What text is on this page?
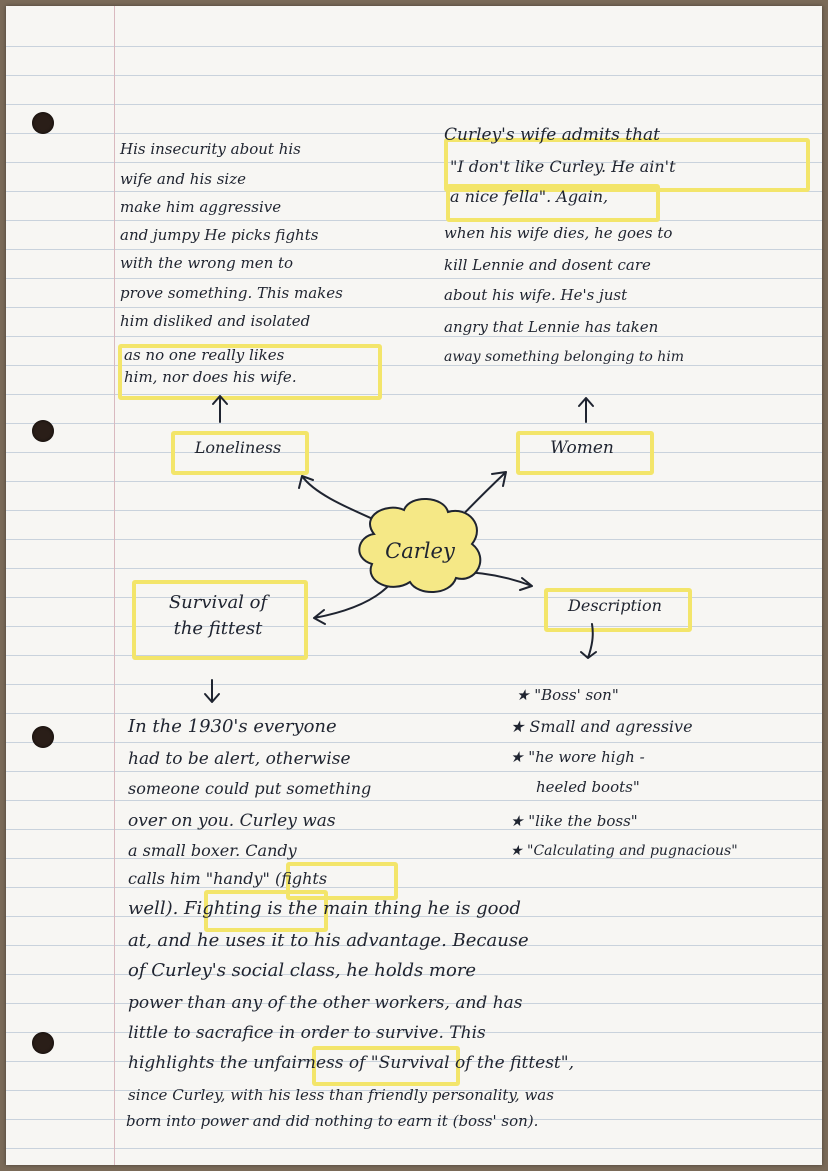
His insecurity about his
wife and his size
make him aggressive
and jumpy He picks fights
with the wrong men to
prove something. This makes
him disliked and isolated
as no one really likes
him, nor does his wife.
Curley's wife admits that
"I don't like Curley. He ain't
a nice fella". Again,
when his wife dies, he goes to
kill Lennie and dosent care
about his wife. He's just
angry that Lennie has taken
away something belonging to him
Loneliness	Women
Survival of
the fittest
Description
★ "Boss' son"
★ Small and agressive
★ "he wore high -
heeled boots"
★ "like the boss"
★ "Calculating and pugnacious"
In the 1930's everyone
had to be alert, otherwise
someone could put something
over on you. Curley was
a small boxer. Candy
calls him "handy" (fights
well). Fighting is the main thing he is good
at, and he uses it to his advantage. Because
of Curley's social class, he holds more
power than any of the other workers, and has
little to sacrafice in order to survive. This
highlights the unfairness of "Survival of the fittest",
since Curley, with his less than friendly personality, was
born into power and did nothing to earn it (boss' son).
Carley
